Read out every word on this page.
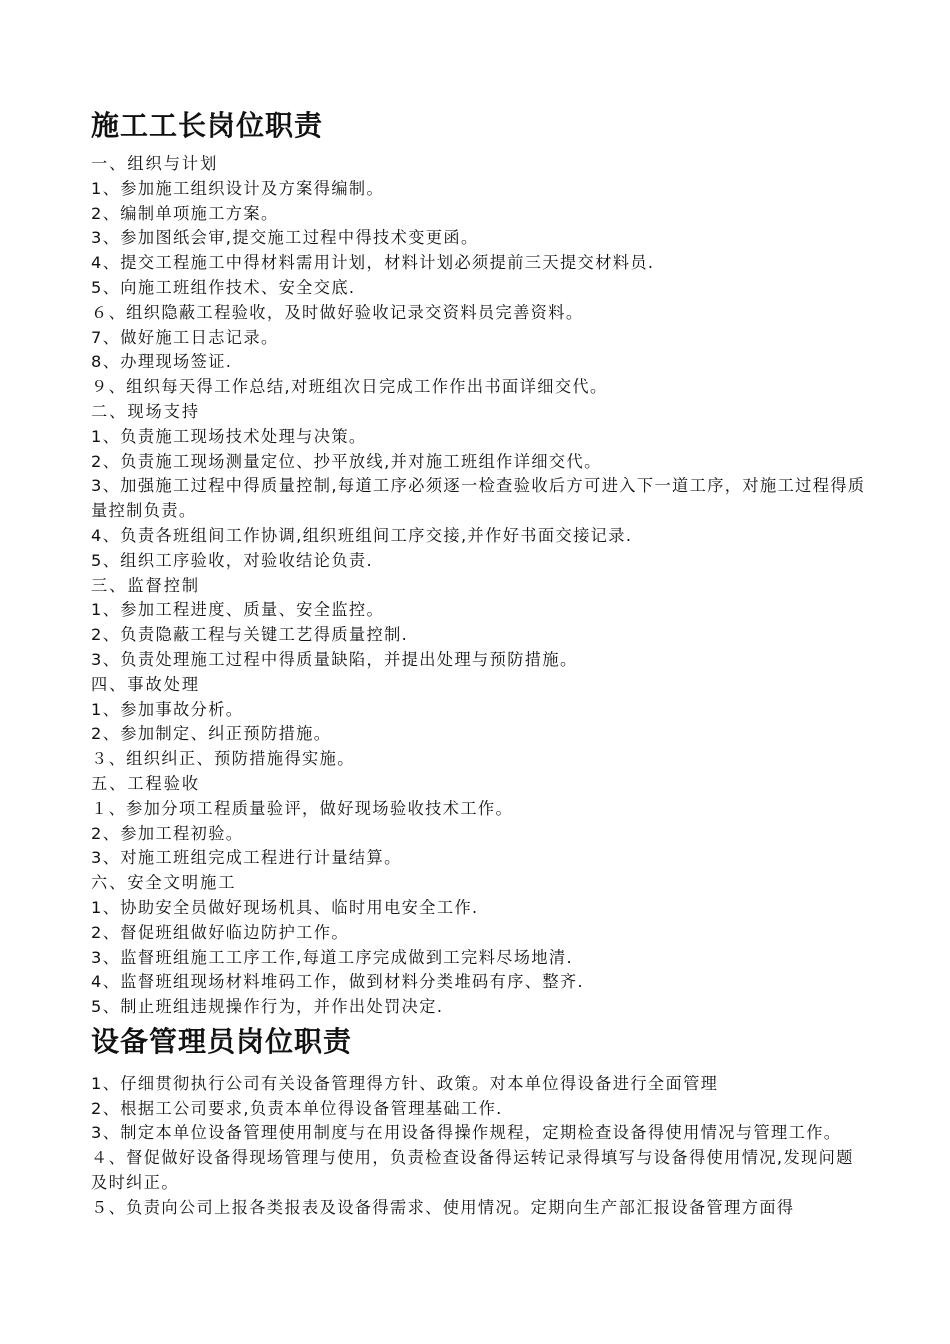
施工工长岗位职责
一、组织与计划
1、参加施工组织设计及方案得编制。
2、编制单项施工方案。
3、参加图纸会审,提交施工过程中得技术变更函。
4、提交工程施工中得材料需用计划，材料计划必须提前三天提交材料员.
5、向施工班组作技术、安全交底.
６、组织隐蔽工程验收，及时做好验收记录交资料员完善资料。
7、做好施工日志记录。
8、办理现场签证.
９、组织每天得工作总结,对班组次日完成工作作出书面详细交代。
二、现场支持
1、负责施工现场技术处理与决策。
2、负责施工现场测量定位、抄平放线,并对施工班组作详细交代。
3、加强施工过程中得质量控制,每道工序必须逐一检查验收后方可进入下一道工序，对施工过程得质量控制负责。
4、负责各班组间工作协调,组织班组间工序交接,并作好书面交接记录.
5、组织工序验收，对验收结论负责.
三、监督控制
1、参加工程进度、质量、安全监控。
2、负责隐蔽工程与关键工艺得质量控制.
3、负责处理施工过程中得质量缺陷，并提出处理与预防措施。
四、事故处理
1、参加事故分析。
2、参加制定、纠正预防措施。
３、组织纠正、预防措施得实施。
五、工程验收
１、参加分项工程质量验评，做好现场验收技术工作。
2、参加工程初验。
3、对施工班组完成工程进行计量结算。
六、安全文明施工
1、协助安全员做好现场机具、临时用电安全工作.
2、督促班组做好临边防护工作。
3、监督班组施工工序工作,每道工序完成做到工完料尽场地清.
4、监督班组现场材料堆码工作，做到材料分类堆码有序、整齐.
5、制止班组违规操作行为，并作出处罚决定.
设备管理员岗位职责
1、仔细贯彻执行公司有关设备管理得方针、政策。对本单位得设备进行全面管理
2、根据工公司要求,负责本单位得设备管理基础工作.
3、制定本单位设备管理使用制度与在用设备得操作规程，定期检查设备得使用情况与管理工作。
４、督促做好设备得现场管理与使用，负责检查设备得运转记录得填写与设备得使用情况,发现问题及时纠正。
５、负责向公司上报各类报表及设备得需求、使用情况。定期向生产部汇报设备管理方面得
